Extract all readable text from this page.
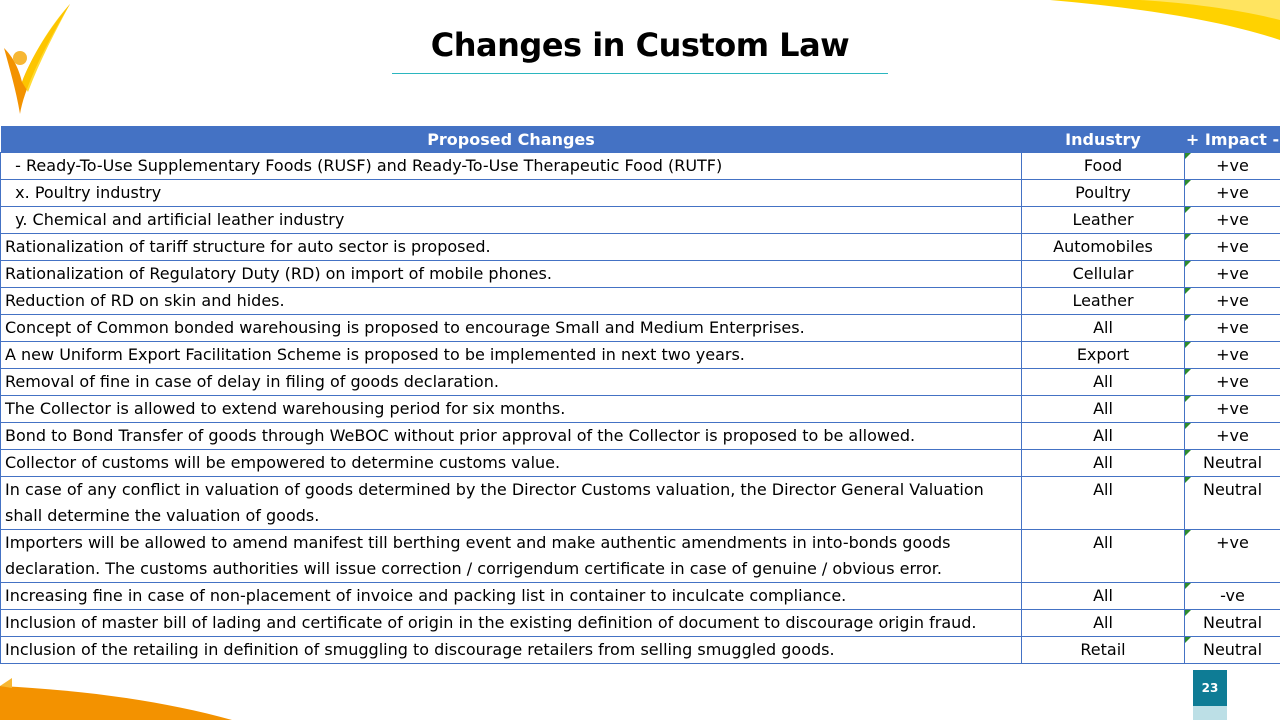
Changes in Custom Law
Proposed Changes	Industry	+ Impact -
- Ready-To-Use Supplementary Foods (RUSF) and Ready-To-Use Therapeutic Food (RUTF)	Food	+ve
x. Poultry industry	Poultry	+ve
y. Chemical and artificial leather industry	Leather	+ve
Rationalization of tariff structure for auto sector is proposed.	Automobiles	+ve
Rationalization of Regulatory Duty (RD) on import of mobile phones.	Cellular	+ve
Reduction of RD on skin and hides.	Leather	+ve
Concept of Common bonded warehousing is proposed to encourage Small and Medium Enterprises.	All	+ve
A new Uniform Export Facilitation Scheme is proposed to be implemented in next two years.	Export	+ve
Removal of fine in case of delay in filing of goods declaration.	All	+ve
The Collector is allowed to extend warehousing period for six months.	All	+ve
Bond to Bond Transfer of goods through WeBOC without prior approval of the Collector is proposed to be allowed.	All	+ve
Collector of customs will be empowered to determine customs value.	All	Neutral
In case of any conflict in valuation of goods determined by the Director Customs valuation, the Director General Valuation shall determine the valuation of goods.	All	Neutral
Importers will be allowed to amend manifest till berthing event and make authentic amendments in into-bonds goods declaration. The customs authorities will issue correction / corrigendum certificate in case of genuine / obvious error.	All	+ve
Increasing fine in case of non-placement of invoice and packing list in container to inculcate compliance.	All	-ve
Inclusion of master bill of lading and certificate of origin in the existing definition of document to discourage origin fraud.	All	Neutral
Inclusion of the retailing in definition of smuggling to discourage retailers from selling smuggled goods.	Retail	Neutral
23
